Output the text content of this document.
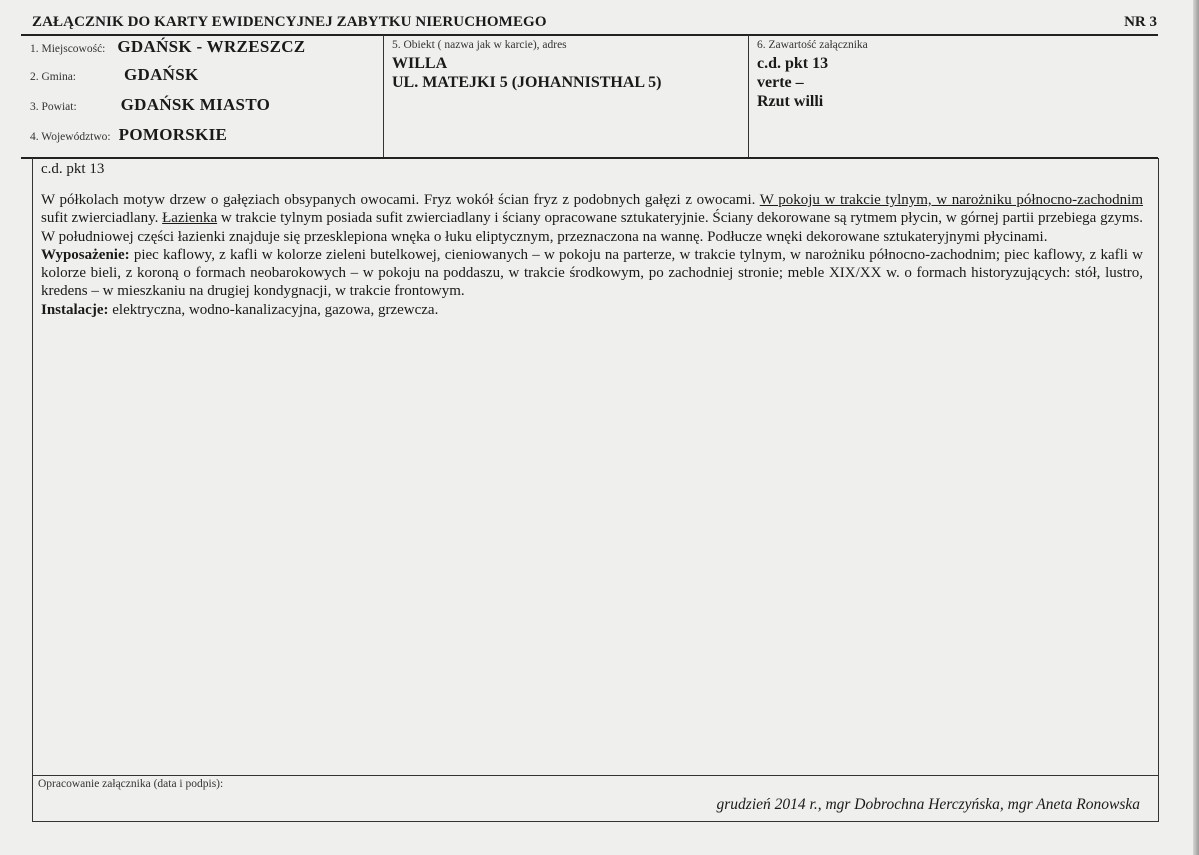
ZAŁĄCZNIK DO KARTY EWIDENCYJNEJ ZABYTKU NIERUCHOMEGO	NR 3
1. Miejscowość: GDAŃSK - WRZESZCZ
2. Gmina:	GDAŃSK
3. Powiat:	GDAŃSK MIASTO
4. Województwo: POMORSKIE
5. Obiekt ( nazwa jak w karcie), adres
WILLA
UL. MATEJKI 5 (JOHANNISTHAL 5)
6. Zawartość załącznika
c.d. pkt 13
verte –
Rzut willi
c.d. pkt 13

W półkolach motyw drzew o gałęziach obsypanych owocami. Fryz wokół ścian fryz z podobnych gałęzi z owocami. W pokoju w trakcie tylnym, w narożniku północno-zachodnim sufit zwierciadlany. Łazienka w trakcie tylnym posiada sufit zwierciadlany i ściany opracowane sztukateryjnie. Ściany dekorowane są rytmem płycin, w górnej partii przebiega gzyms. W południowej części łazienki znajduje się przesklepiona wnęka o łuku eliptycznym, przeznaczona na wannę. Podłucze wnęki dekorowane sztukateryjnymi płycinami.

Wyposażenie: piec kaflowy, z kafli w kolorze zieleni butelkowej, cieniowanych – w pokoju na parterze, w trakcie tylnym, w narożniku północno-zachodnim; piec kaflowy, z kafli w kolorze bieli, z koroną o formach neobarokowych – w pokoju na poddaszu, w trakcie środkowym, po zachodniej stronie; meble XIX/XX w. o formach historyzujących: stół, lustro, kredens – w mieszkaniu na drugiej kondygnacji, w trakcie frontowym.

Instalacje: elektryczna, wodno-kanalizacyjna, gazowa, grzewcza.

Opracowanie załącznika (data i podpis):
grudzień 2014 r., mgr Dobrochna Herczyńska, mgr Aneta Ronowska
